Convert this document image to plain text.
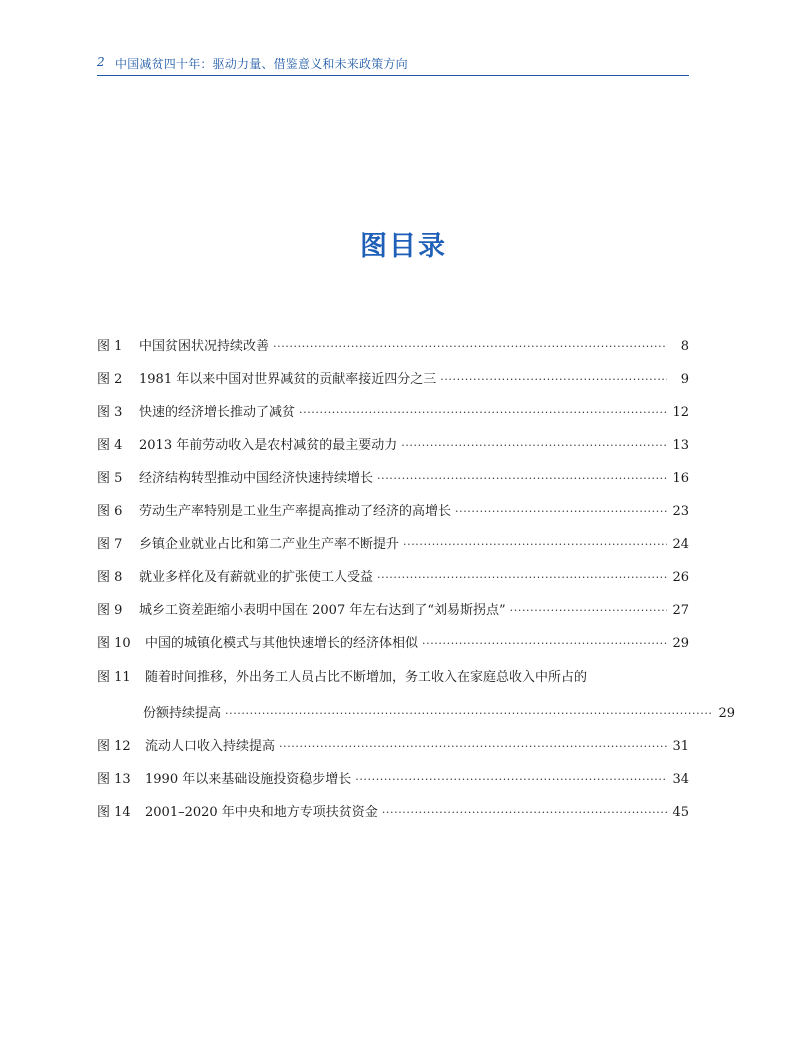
2 中国减贫四十年：驱动力量、借鉴意义和未来政策方向
图目录
图 1	中国贫困状况持续改善 ·····	8
图 2	1981 年以来中国对世界减贫的贡献率接近四分之三 ·····	9
图 3	快速的经济增长推动了减贫 ·····	12
图 4	2013 年前劳动收入是农村减贫的最主要动力 ·····	13
图 5	经济结构转型推动中国经济快速持续增长 ·····	16
图 6	劳动生产率特别是工业生产率提高推动了经济的高增长 ·····	23
图 7	乡镇企业就业占比和第二产业生产率不断提升 ·····	24
图 8	就业多样化及有薪就业的扩张使工人受益 ·····	26
图 9	城乡工资差距缩小表明中国在 2007 年左右达到了“刘易斯拐点” ·····	27
图 10	中国的城镇化模式与其他快速增长的经济体相似 ·····	29
图 11	随着时间推移，外出务工人员占比不断增加，务工收入在家庭总收入中所占的
份额持续提高 ·····	29
图 12	流动人口收入持续提高 ·····	31
图 13	1990 年以来基础设施投资稳步增长 ·····	34
图 14	2001–2020 年中央和地方专项扶贫资金 ·····	45
